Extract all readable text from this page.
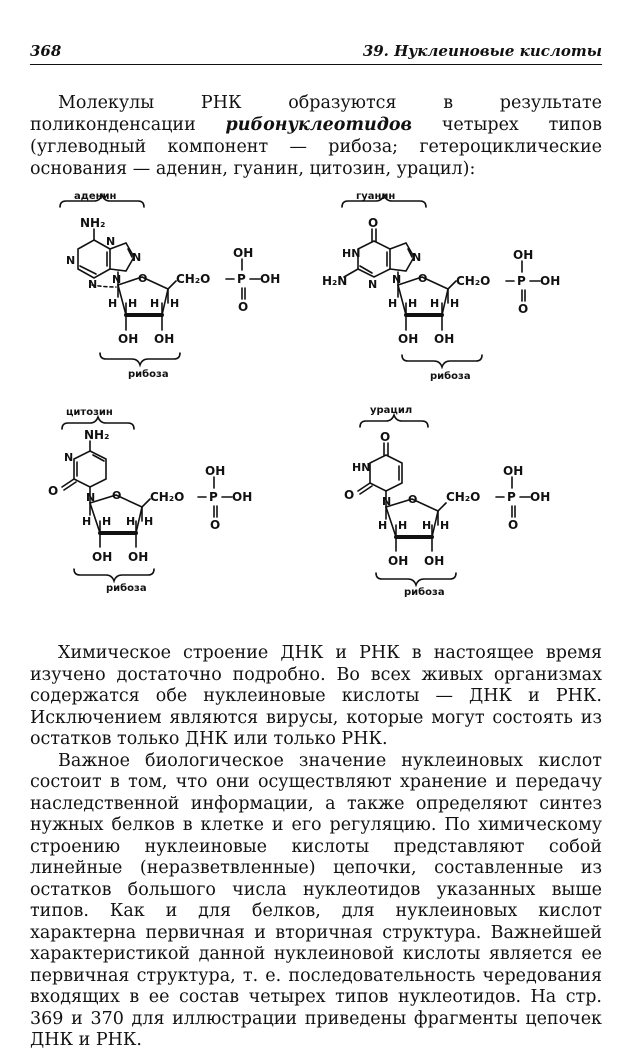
368	39. Нуклеиновые кислоты

Молекулы РНК образуются в результате поликонденсации рибонуклеотидов четырех типов (углеводный компонент — рибоза; гетероциклические основания — аденин, гуанин, цитозин, урацил):

аденин
NH₂
N
N	N
N N O CH₂O P
OH
OH
O
H	H
H H
OH OH
рибоза
гуанин
O
HN	N
N N
H₂N	O CH₂O P
OH
OH
O
H	H
H H
OH OH
рибоза
цитозин
NH₂
N
N
O	O CH₂O P
OH
OH
O
H	H
H H
OH OH
рибоза
урацил
O
HN
N
O	O CH₂O P
OH
OH
O
H	H
H H
OH OH
рибоза

Химическое строение ДНК и РНК в настоящее время изучено достаточно подробно. Во всех живых организмах содержатся обе нуклеиновые кислоты — ДНК и РНК. Исключением являются вирусы, которые могут состоять из остатков только ДНК или только РНК.

Важное биологическое значение нуклеиновых кислот состоит в том, что они осуществляют хранение и передачу наследственной информации, а также определяют синтез нужных белков в клетке и его регуляцию. По химическому строению нуклеиновые кислоты представляют собой линейные (неразветвленные) цепочки, составленные из остатков большого числа нуклеотидов указанных выше типов. Как и для белков, для нуклеиновых кислот характерна первичная и вторичная структура. Важнейшей характеристикой данной нуклеиновой кислоты является ее первичная структура, т. е. последовательность чередования входящих в ее состав четырех типов нуклеотидов. На стр. 369 и 370 для иллюстрации приведены фрагменты цепочек ДНК и РНК.
